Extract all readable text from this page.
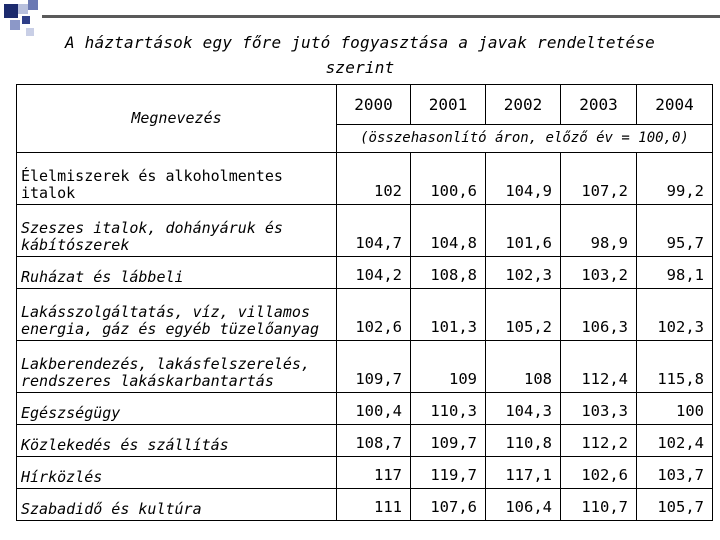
A háztartások egy főre jutó fogyasztása a javak rendeltetése szerint
Megnevezés	2000	2001	2002	2003	2004
	(összehasonlító áron, előző év = 100,0)				
Élelmiszerek és alkoholmentes italok	102	100,6	104,9	107,2	99,2
Szeszes italok, dohányáruk és kábítószerek	104,7	104,8	101,6	98,9	95,7
Ruházat és lábbeli	104,2	108,8	102,3	103,2	98,1
Lakásszolgáltatás, víz, villamos energia, gáz és egyéb tüzelőanyag	102,6	101,3	105,2	106,3	102,3
Lakberendezés, lakásfelszerelés, rendszeres lakáskarbantartás	109,7	109	108	112,4	115,8
Egészségügy	100,4	110,3	104,3	103,3	100
Közlekedés és szállítás	108,7	109,7	110,8	112,2	102,4
Hírközlés	117	119,7	117,1	102,6	103,7
Szabadidő és kultúra	111	107,6	106,4	110,7	105,7
